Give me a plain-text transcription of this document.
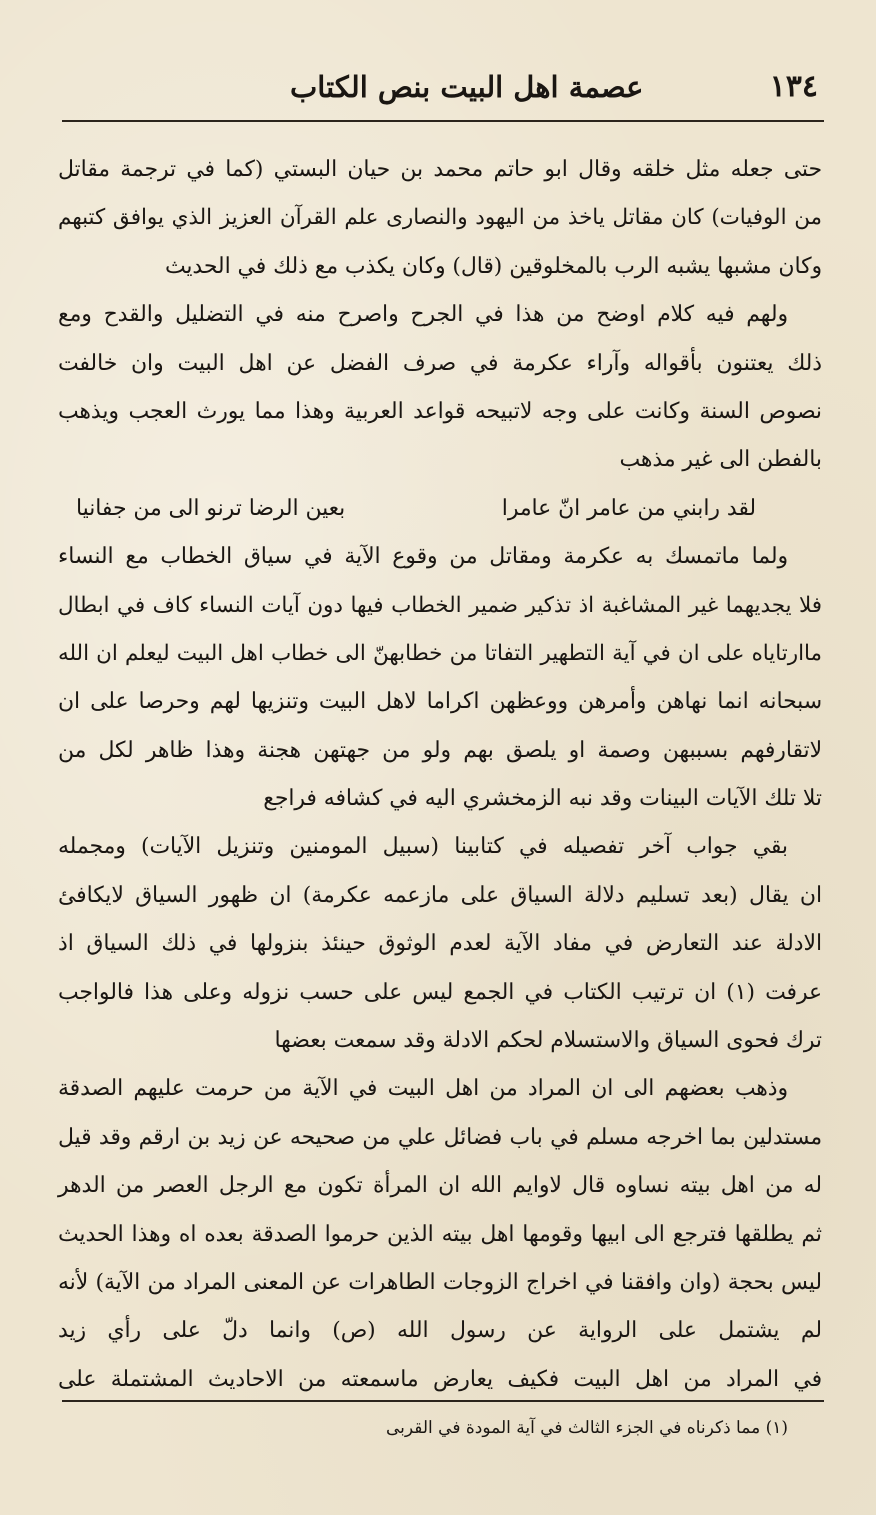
١٣٤
عصمة اهل البيت بنص الكتاب
حتى جعله مثل خلقه وقال ابو حاتم محمد بن حيان البستي (كما في ترجمة مقاتل
من الوفيات) كان مقاتل ياخذ من اليهود والنصارى علم القرآن العزيز الذي يوافق كتبهم
وكان مشبها يشبه الرب بالمخلوقين (قال) وكان يكذب مع ذلك في الحديث
ولهم فيه كلام اوضح من هذا في الجرح واصرح منه في التضليل والقدح ومع
ذلك يعتنون بأقواله وآراء عكرمة في صرف الفضل عن اهل البيت وان خالفت
نصوص السنة وكانت على وجه لاتبيحه قواعد العربية وهذا مما يورث العجب ويذهب
بالفطن الى غير مذهب
لقد رابني من عامر انّ عامرا
بعين الرضا ترنو الى من جفانيا
ولما ماتمسك به عكرمة ومقاتل من وقوع الآية في سياق الخطاب مع النساء
فلا يجديهما غير المشاغبة اذ تذكير ضمير الخطاب فيها دون آيات النساء كاف في ابطال
ماارتاياه على ان في آية التطهير التفاتا من خطابهنّ الى خطاب اهل البيت ليعلم ان الله
سبحانه انما نهاهن وأمرهن ووعظهن اكراما لاهل البيت وتنزيها لهم وحرصا على ان
لاتقارفهم بسببهن وصمة او يلصق بهم ولو من جهتهن هجنة وهذا ظاهر لكل من
تلا تلك الآيات البينات وقد نبه الزمخشري اليه في كشافه فراجع
بقي جواب آخر تفصيله في كتابينا (سبيل المومنين وتنزيل الآيات) ومجمله
ان يقال (بعد تسليم دلالة السياق على مازعمه عكرمة) ان ظهور السياق لايكافئ
الادلة عند التعارض في مفاد الآية لعدم الوثوق حينئذ بنزولها في ذلك السياق اذ
عرفت (١) ان ترتيب الكتاب في الجمع ليس على حسب نزوله وعلى هذا فالواجب
ترك فحوى السياق والاستسلام لحكم الادلة وقد سمعت بعضها
وذهب بعضهم الى ان المراد من اهل البيت في الآية من حرمت عليهم الصدقة
مستدلين بما اخرجه مسلم في باب فضائل علي من صحيحه عن زيد بن ارقم وقد قيل
له من اهل بيته نساوه قال لاوايم الله ان المرأة تكون مع الرجل العصر من الدهر
ثم يطلقها فترجع الى ابيها وقومها اهل بيته الذين حرموا الصدقة بعده اه وهذا الحديث
ليس بحجة (وان وافقنا في اخراج الزوجات الطاهرات عن المعنى المراد من الآية) لأنه
لم يشتمل على الرواية عن رسول الله (ص) وانما دلّ على رأي زيد
في المراد من اهل البيت فكيف يعارض ماسمعته من الاحاديث المشتملة على
(١) مما ذكرناه في الجزء الثالث في آية المودة في القربى
